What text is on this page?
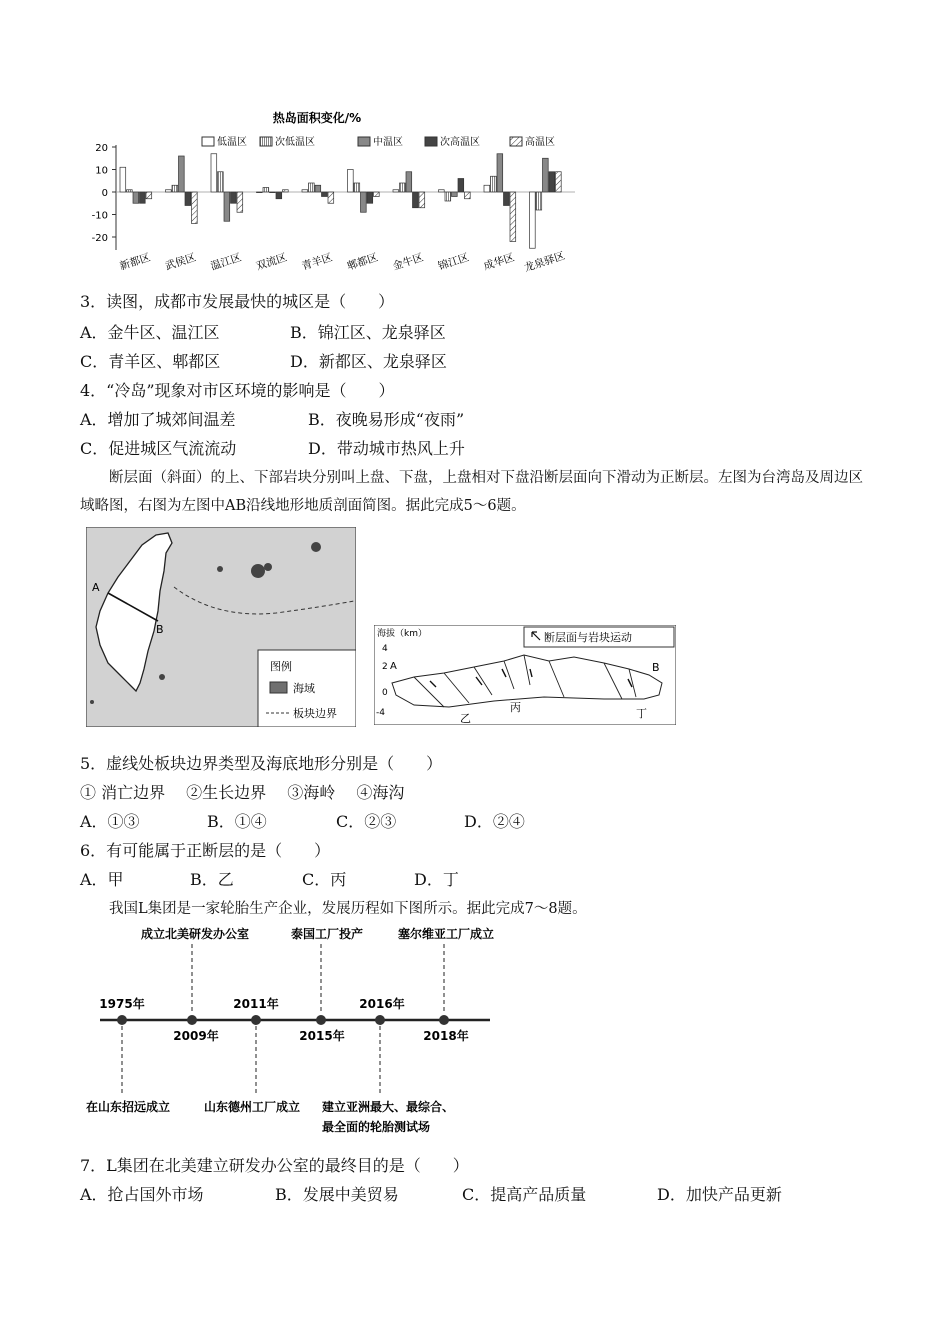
热岛面积变化/%
低温区	次低温区	中温区	次高温区	高温区
20
10
0
-10
-20
新都区 武侯区 温江区 双流区 青羊区 郫都区 金牛区 锦江区 成华区 龙泉驿区
3．读图，成都市发展最快的城区是（　　）
A．金牛区、温江区	B．锦江区、龙泉驿区
C．青羊区、郫都区	D．新都区、龙泉驿区
4．“冷岛”现象对市区环境的影响是（　　）
A．增加了城郊间温差	B．夜晚易形成“夜雨”
C．促进城区气流流动	D．带动城市热风上升
断层面（斜面）的上、下部岩块分别叫上盘、下盘，上盘相对下盘沿断层面向下滑动为正断层。左图为台湾岛及周边区域略图，右图为左图中AB沿线地形地质剖面简图。据此完成5～6题。
A
B
图例
海域
板块边界
海拔（km）
4
2
0
-4
A	B
断层面与岩块运动
乙
丙	丁
5．虚线处板块边界类型及海底地形分别是（　　）
① 消亡边界　 ②生长边界　 ③海岭　 ④海沟
A．①③	B．①④	C．②③	D．②④
6．有可能属于正断层的是（　　）
A．甲	B．乙	C．丙	D．丁
我国L集团是一家轮胎生产企业，发展历程如下图所示。据此完成7～8题。
1975年
在山东招远成立
2009年
成立北美研发办公室
2011年
山东德州工厂成立
2015年
泰国工厂投产
2016年
建立亚洲最大、最综合、
最全面的轮胎测试场
2018年
塞尔维亚工厂成立
7．L集团在北美建立研发办公室的最终目的是（　　）
A．抢占国外市场	B．发展中美贸易	C．提高产品质量	D．加快产品更新
